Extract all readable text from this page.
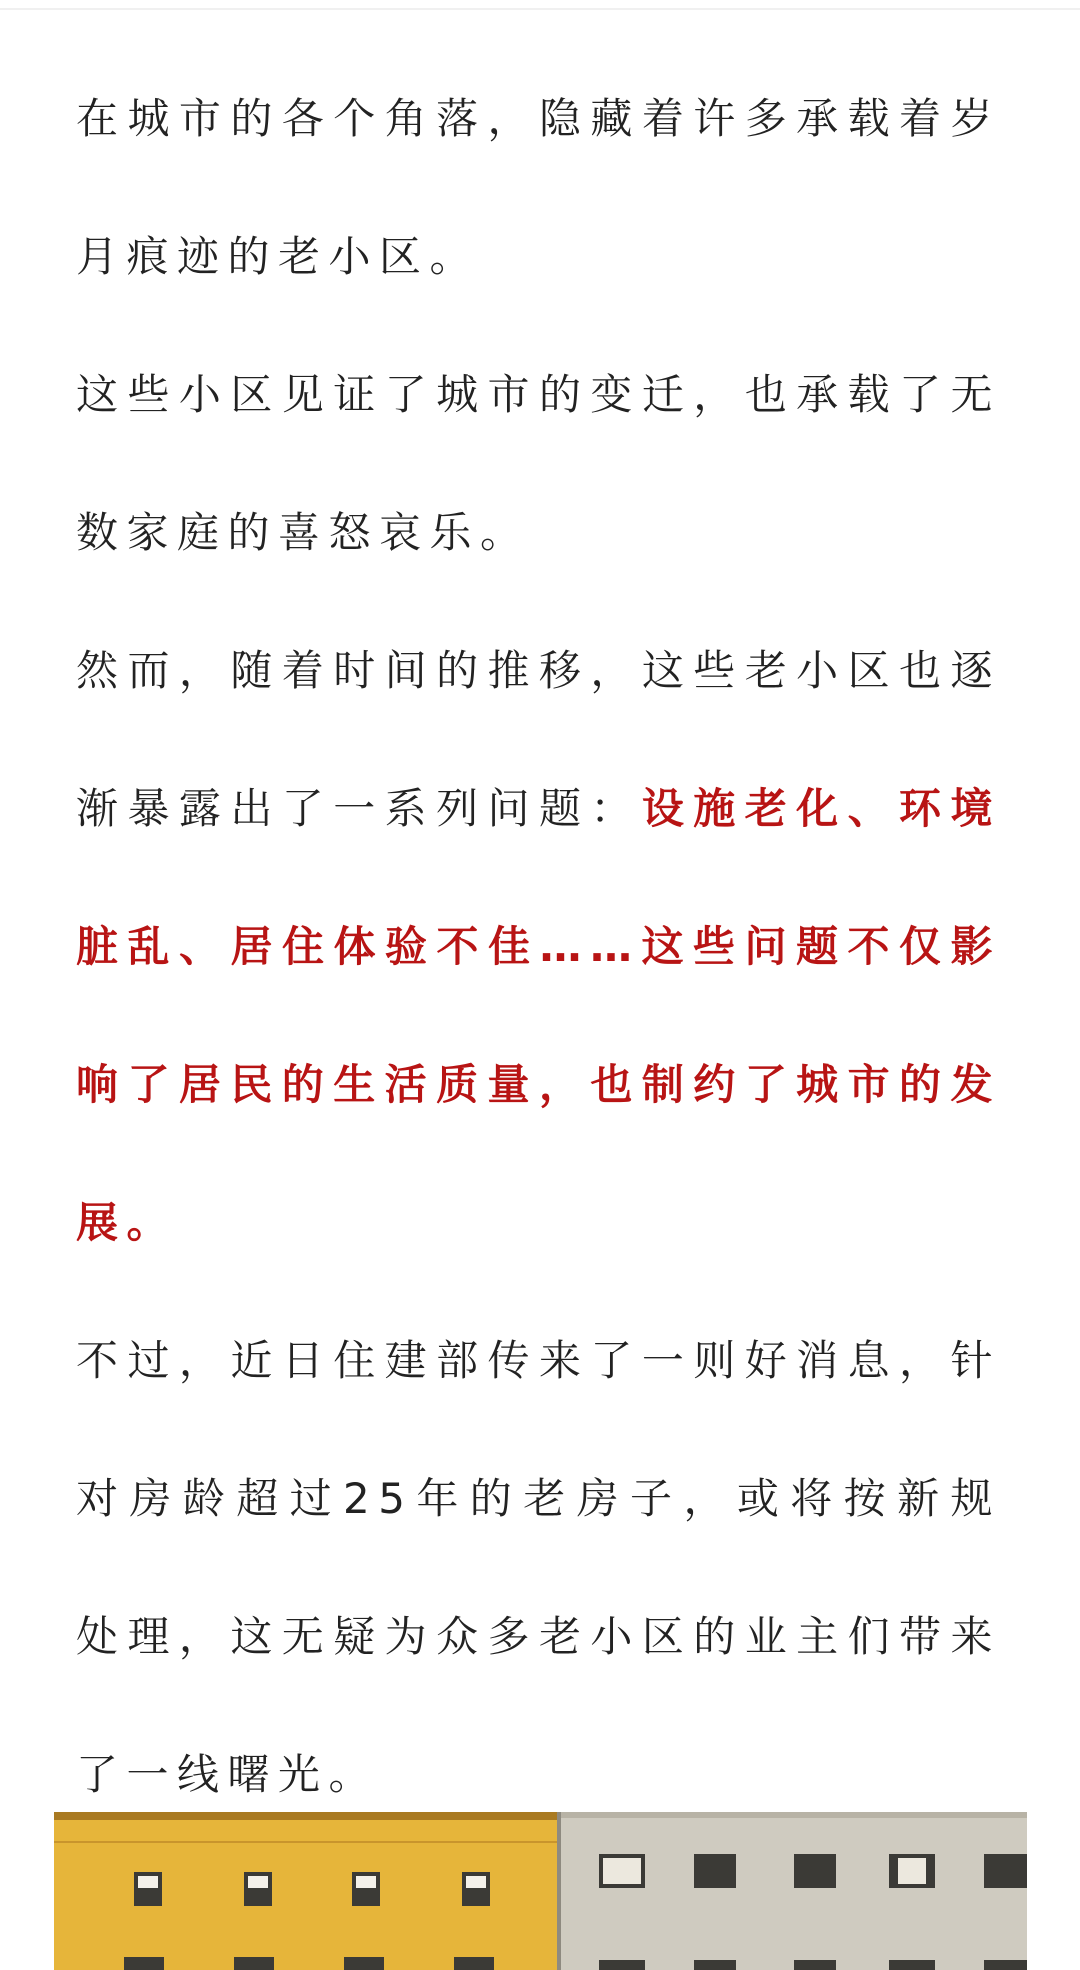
在城市的各个角落，隐藏着许多承载着岁月痕迹的老小区。

这些小区见证了城市的变迁，也承载了无数家庭的喜怒哀乐。

然而，随着时间的推移，这些老小区也逐渐暴露出了一系列问题：设施老化、环境脏乱、居住体验不佳……这些问题不仅影响了居民的生活质量，也制约了城市的发展。

不过，近日住建部传来了一则好消息，针对房龄超过25年的老房子，或将按新规处理，这无疑为众多老小区的业主们带来了一线曙光。
